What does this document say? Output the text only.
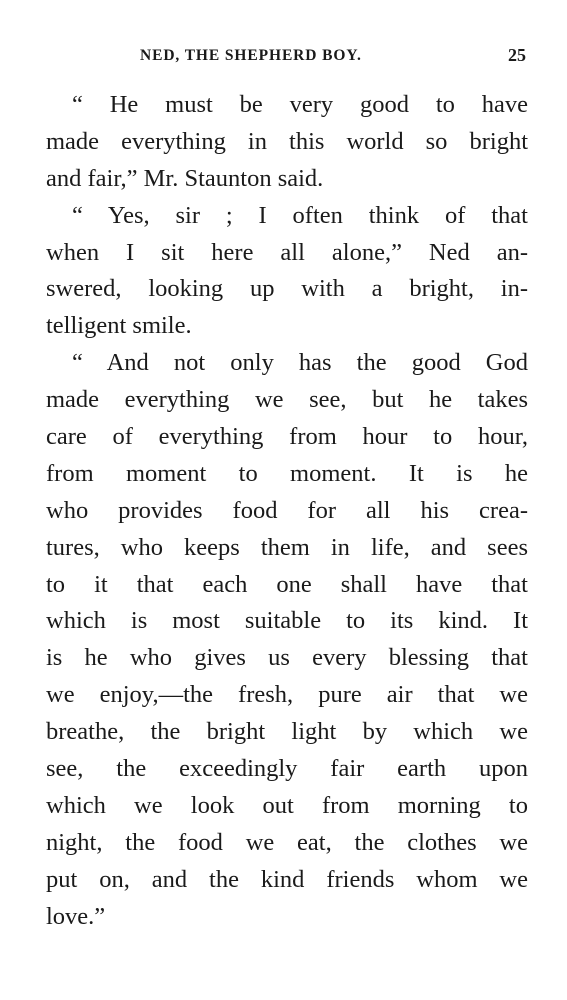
NED, THE SHEPHERD BOY.	25
“ He must be very good to have
made everything in this world so bright
and fair,” Mr. Staunton said.
“ Yes, sir ; I often think of that
when I sit here all alone,” Ned an-
swered, looking up with a bright, in-
telligent smile.
“ And not only has the good God
made everything we see, but he takes
care of everything from hour to hour,
from moment to moment. It is he
who provides food for all his crea-
tures, who keeps them in life, and sees
to it that each one shall have that
which is most suitable to its kind. It
is he who gives us every blessing that
we enjoy,—the fresh, pure air that we
breathe, the bright light by which we
see, the exceedingly fair earth upon
which we look out from morning to
night, the food we eat, the clothes we
put on, and the kind friends whom we
love.”
